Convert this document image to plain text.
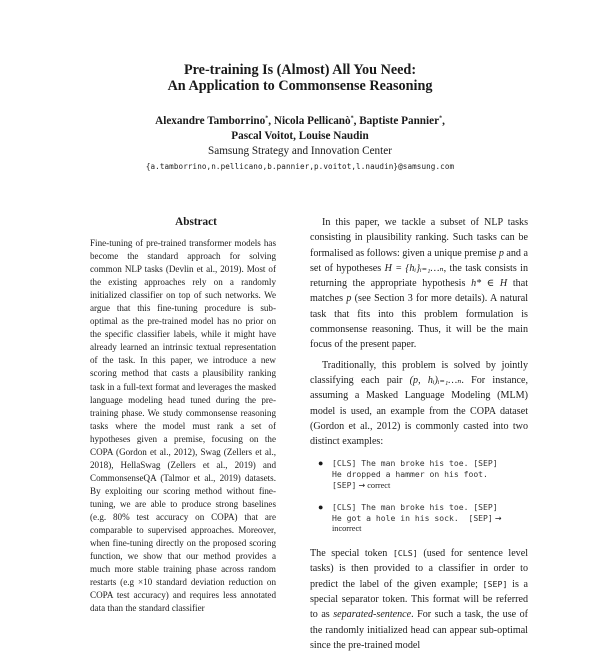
Pre-training Is (Almost) All You Need:
An Application to Commonsense Reasoning
Alexandre Tamborrino*, Nicola Pellicanò*, Baptiste Pannier*,
Pascal Voitot, Louise Naudin
Samsung Strategy and Innovation Center
{a.tamborrino,n.pellicano,b.pannier,p.voitot,l.naudin}@samsung.com
Abstract

Fine-tuning of pre-trained transformer models has become the standard approach for solving common NLP tasks (Devlin et al., 2019). Most of the existing approaches rely on a randomly initialized classifier on top of such networks. We argue that this fine-tuning procedure is sub-optimal as the pre-trained model has no prior on the specific classifier labels, while it might have already learned an intrinsic textual representation of the task. In this paper, we introduce a new scoring method that casts a plausibility ranking task in a full-text format and leverages the masked language modeling head tuned during the pre-training phase. We study commonsense reasoning tasks where the model must rank a set of hypotheses given a premise, focusing on the COPA (Gordon et al., 2012), Swag (Zellers et al., 2018), HellaSwag (Zellers et al., 2019) and CommonsenseQA (Talmor et al., 2019) datasets. By exploiting our scoring method without fine-tuning, we are able to produce strong baselines (e.g. 80% test accuracy on COPA) that are comparable to supervised approaches. Moreover, when fine-tuning directly on the proposed scoring function, we show that our method provides a much more stable training phase across random restarts (e.g ×10 standard deviation reduction on COPA test accuracy) and requires less annotated data than the standard classifier

In this paper, we tackle a subset of NLP tasks consisting in plausibility ranking. Such tasks can be formalised as follows: given a unique premise p and a set of hypotheses H = {hᵢ}ᵢ₌₁…ₙ, the task consists in returning the appropriate hypothesis h* ∈ H that matches p (see Section 3 for more details). A natural task that fits into this problem formulation is commonsense reasoning. Thus, it will be the main focus of the present paper.

Traditionally, this problem is solved by jointly classifying each pair (p, hᵢ)ᵢ₌₁…ₙ. For instance, assuming a Masked Language Modeling (MLM) model is used, an example from the COPA dataset (Gordon et al., 2012) is commonly casted into two distinct examples:

● [CLS] The man broke his toe. [SEP]
He dropped a hammer on his foot.
[SEP] → correct
● [CLS] The man broke his toe. [SEP]
He got a hole in his sock.  [SEP] →
incorrect

The special token [CLS] (used for sentence level tasks) is then provided to a classifier in order to predict the label of the given example; [SEP] is a special separator token. This format will be referred to as separated-sentence. For such a task, the use of the randomly initialized head can appear sub-optimal since the pre-trained model
